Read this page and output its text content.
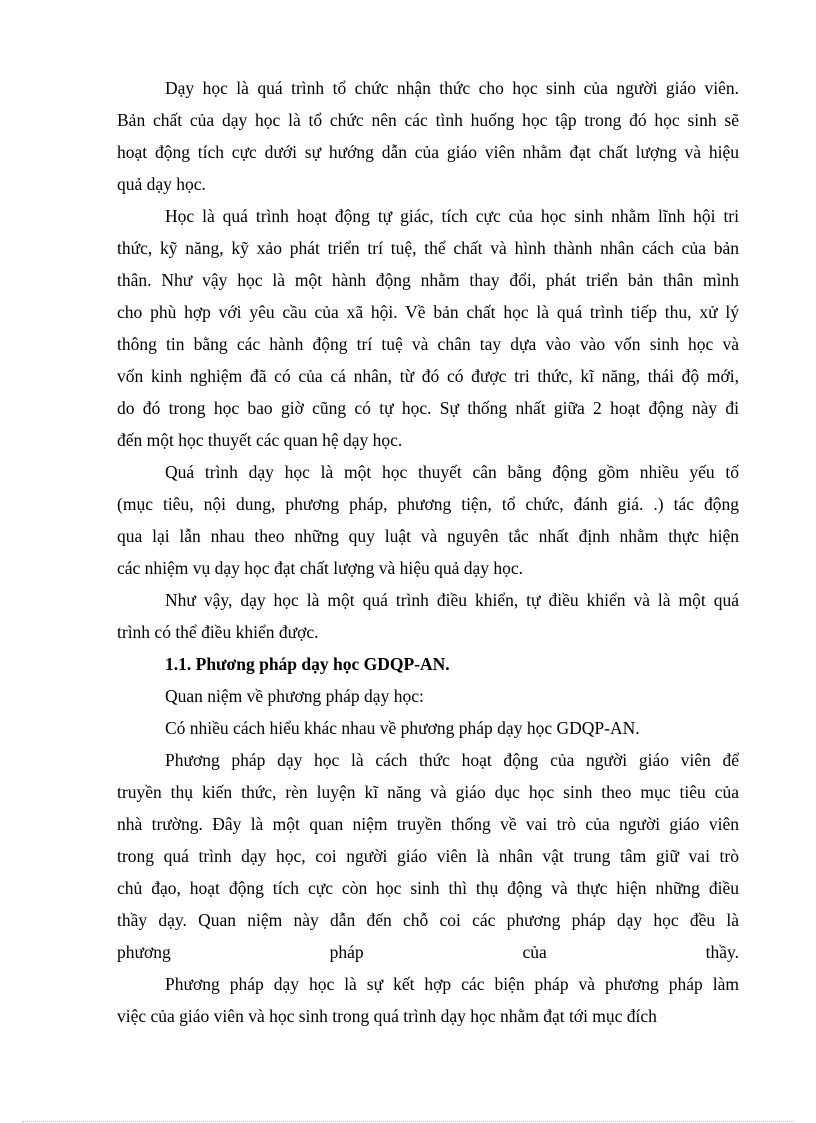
Dạy học là quá trình tổ chức nhận thức cho học sinh của người giáo viên.
Bản chất của dạy học là tổ chức nên các tình huống học tập trong đó học sinh sẽ
hoạt động tích cực dưới sự hướng dẫn của giáo viên nhằm đạt chất lượng và hiệu
quả dạy học.
Học là quá trình hoạt động tự giác, tích cực của học sinh nhằm lĩnh hội tri
thức, kỹ năng, kỹ xảo phát triển trí tuệ, thể chất và hình thành nhân cách của bản
thân. Như vậy học là một hành động nhằm thay đổi, phát triển bản thân mình
cho phù hợp với yêu cầu của xã hội. Về bản chất học là quá trình tiếp thu, xử lý
thông tin bằng các hành động trí tuệ và chân tay dựa vào vào vốn sinh học và
vốn kinh nghiệm đã có của cá nhân, từ đó có được tri thức, kĩ năng, thái độ mới,
do đó trong học bao giờ cũng có tự học. Sự thống nhất giữa 2 hoạt động này đi
đến một học thuyết các quan hệ dạy học.
Quá trình dạy học là một học thuyết cân bằng động gồm nhiều yếu tố
(mục tiêu, nội dung, phương pháp, phương tiện, tổ chức, đánh giá. .) tác động
qua lại lẫn nhau theo những quy luật và nguyên tắc nhất định nhằm thực hiện
các nhiệm vụ dạy học đạt chất lượng và hiệu quả dạy học.
Như vậy, dạy học là một quá trình điều khiển, tự điều khiển và là một quá
trình có thể điều khiển được.
1.1. Phương pháp dạy học GDQP-AN.
Quan niệm về phương pháp dạy học:
Có nhiều cách hiểu khác nhau về phương pháp dạy học GDQP-AN.
Phương pháp dạy học là cách thức hoạt động của người giáo viên để
truyền thụ kiến thức, rèn luyện kĩ năng và giáo dục học sinh theo mục tiêu của
nhà trường. Đây là một quan niệm truyền thống về vai trò của người giáo viên
trong quá trình dạy học, coi người giáo viên là nhân vật trung tâm giữ vai trò
chủ đạo, hoạt động tích cực còn học sinh thì thụ động và thực hiện những điều
thầy dạy. Quan niệm này dẫn đến chỗ coi các phương pháp dạy học đều là
phương pháp của thầy.
Phương pháp dạy học là sự kết hợp các biện pháp và phương pháp làm
việc của giáo viên và học sinh trong quá trình dạy học nhằm đạt tới mục đích
